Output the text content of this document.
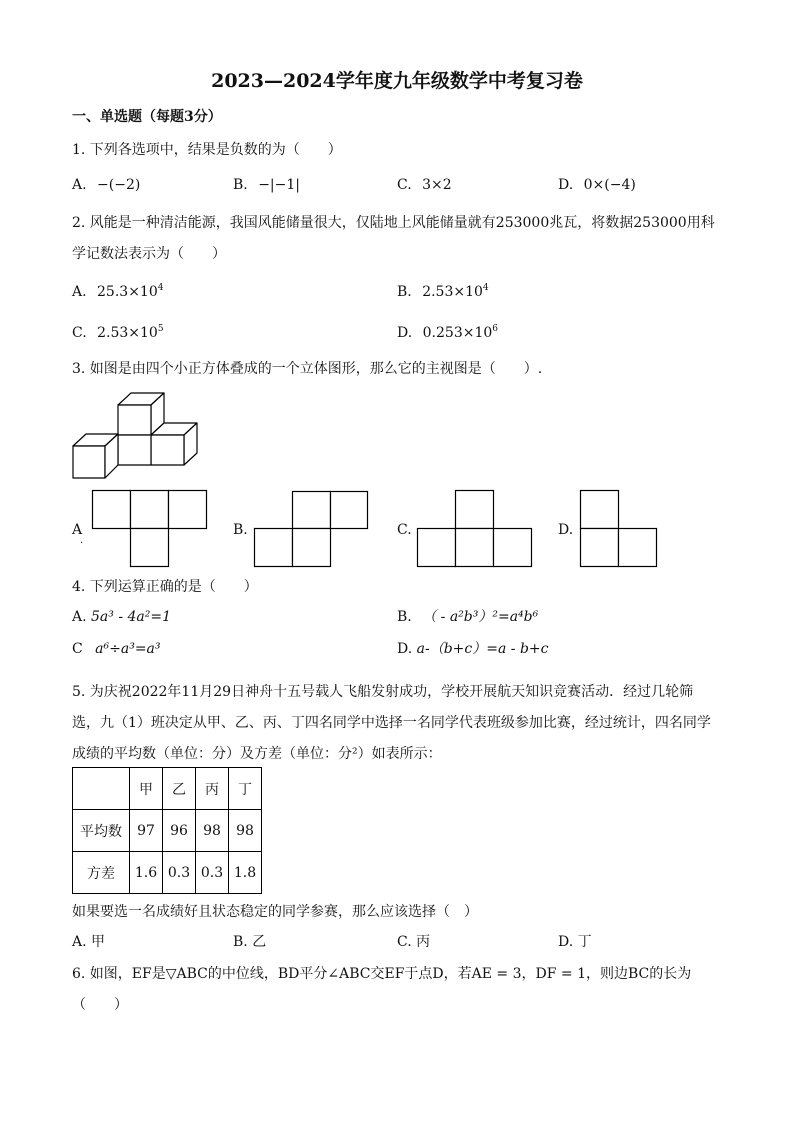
2023—2024学年度九年级数学中考复习卷
一、单选题（每题3分）
1. 下列各选项中，结果是负数的为（　　）
A. −(−2)	B. −|−1|	C. 3×2	D. 0×(−4)
2. 风能是一种清洁能源，我国风能储量很大，仅陆地上风能储量就有253000兆瓦，将数据253000用科
学记数法表示为（　　）
A. $25.3\times 10^4$	B. $2.53\times 10^4$
C. $2.53\times 10^5$	D. $0.253\times 10^6$
3. 如图是由四个小正方体叠成的一个立体图形，那么它的主视图是（　　）.
A
.
B.	C.	D.
4. 下列运算正确的是（　　）
A. 5a³ - 4a²=1	B. （ - a²b³）²=a⁴b⁶
C a⁶÷a³=a³	D. a-（b+c）=a - b+c
5. 为庆祝2022年11月29日神舟十五号载人飞船发射成功，学校开展航天知识竞赛活动．经过几轮筛
选，九（1）班决定从甲、乙、丙、丁四名同学中选择一名同学代表班级参加比赛，经过统计，四名同学
成绩的平均数（单位：分）及方差（单位：分²）如表所示：
	甲	乙	丙	丁
平均数	97	96	98	98
方差	1.6	0.3	0.3	1.8
如果要选一名成绩好且状态稳定的同学参赛，那么应该选择（　）
A. 甲	B. 乙	C. 丙	D. 丁
6. 如图，EF是▽ABC的中位线，BD平分∠ABC交EF于点D，若AE = 3，DF = 1，则边BC的长为
（　　）
